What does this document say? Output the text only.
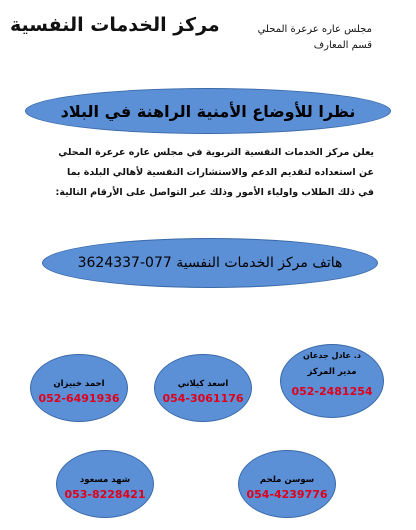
مركز الخدمات النفسية	مجلس عاره عرعرة المحلي
قسم المعارف
نظرا للأوضاع الأمنية الراهنة في البلاد
يعلن مركز الخدمات النفسية التربوية في مجلس عاره عرعرة المحلي عن استعداده لتقديم الدعم والاستشارات النفسية لأهالي البلدة بما في ذلك الطلاب واولياء الأمور وذلك عبر التواصل على الأرقام التالية:
هاتف مركز الخدمات النفسية 077-3624337
احمد خبيزان
052-6491936
اسعد كيلاني
054-3061176
د. عادل جدعان
مدير المركز
052-2481254
شهد مسعود
053-8228421
سوسن ملحم
054-4239776
